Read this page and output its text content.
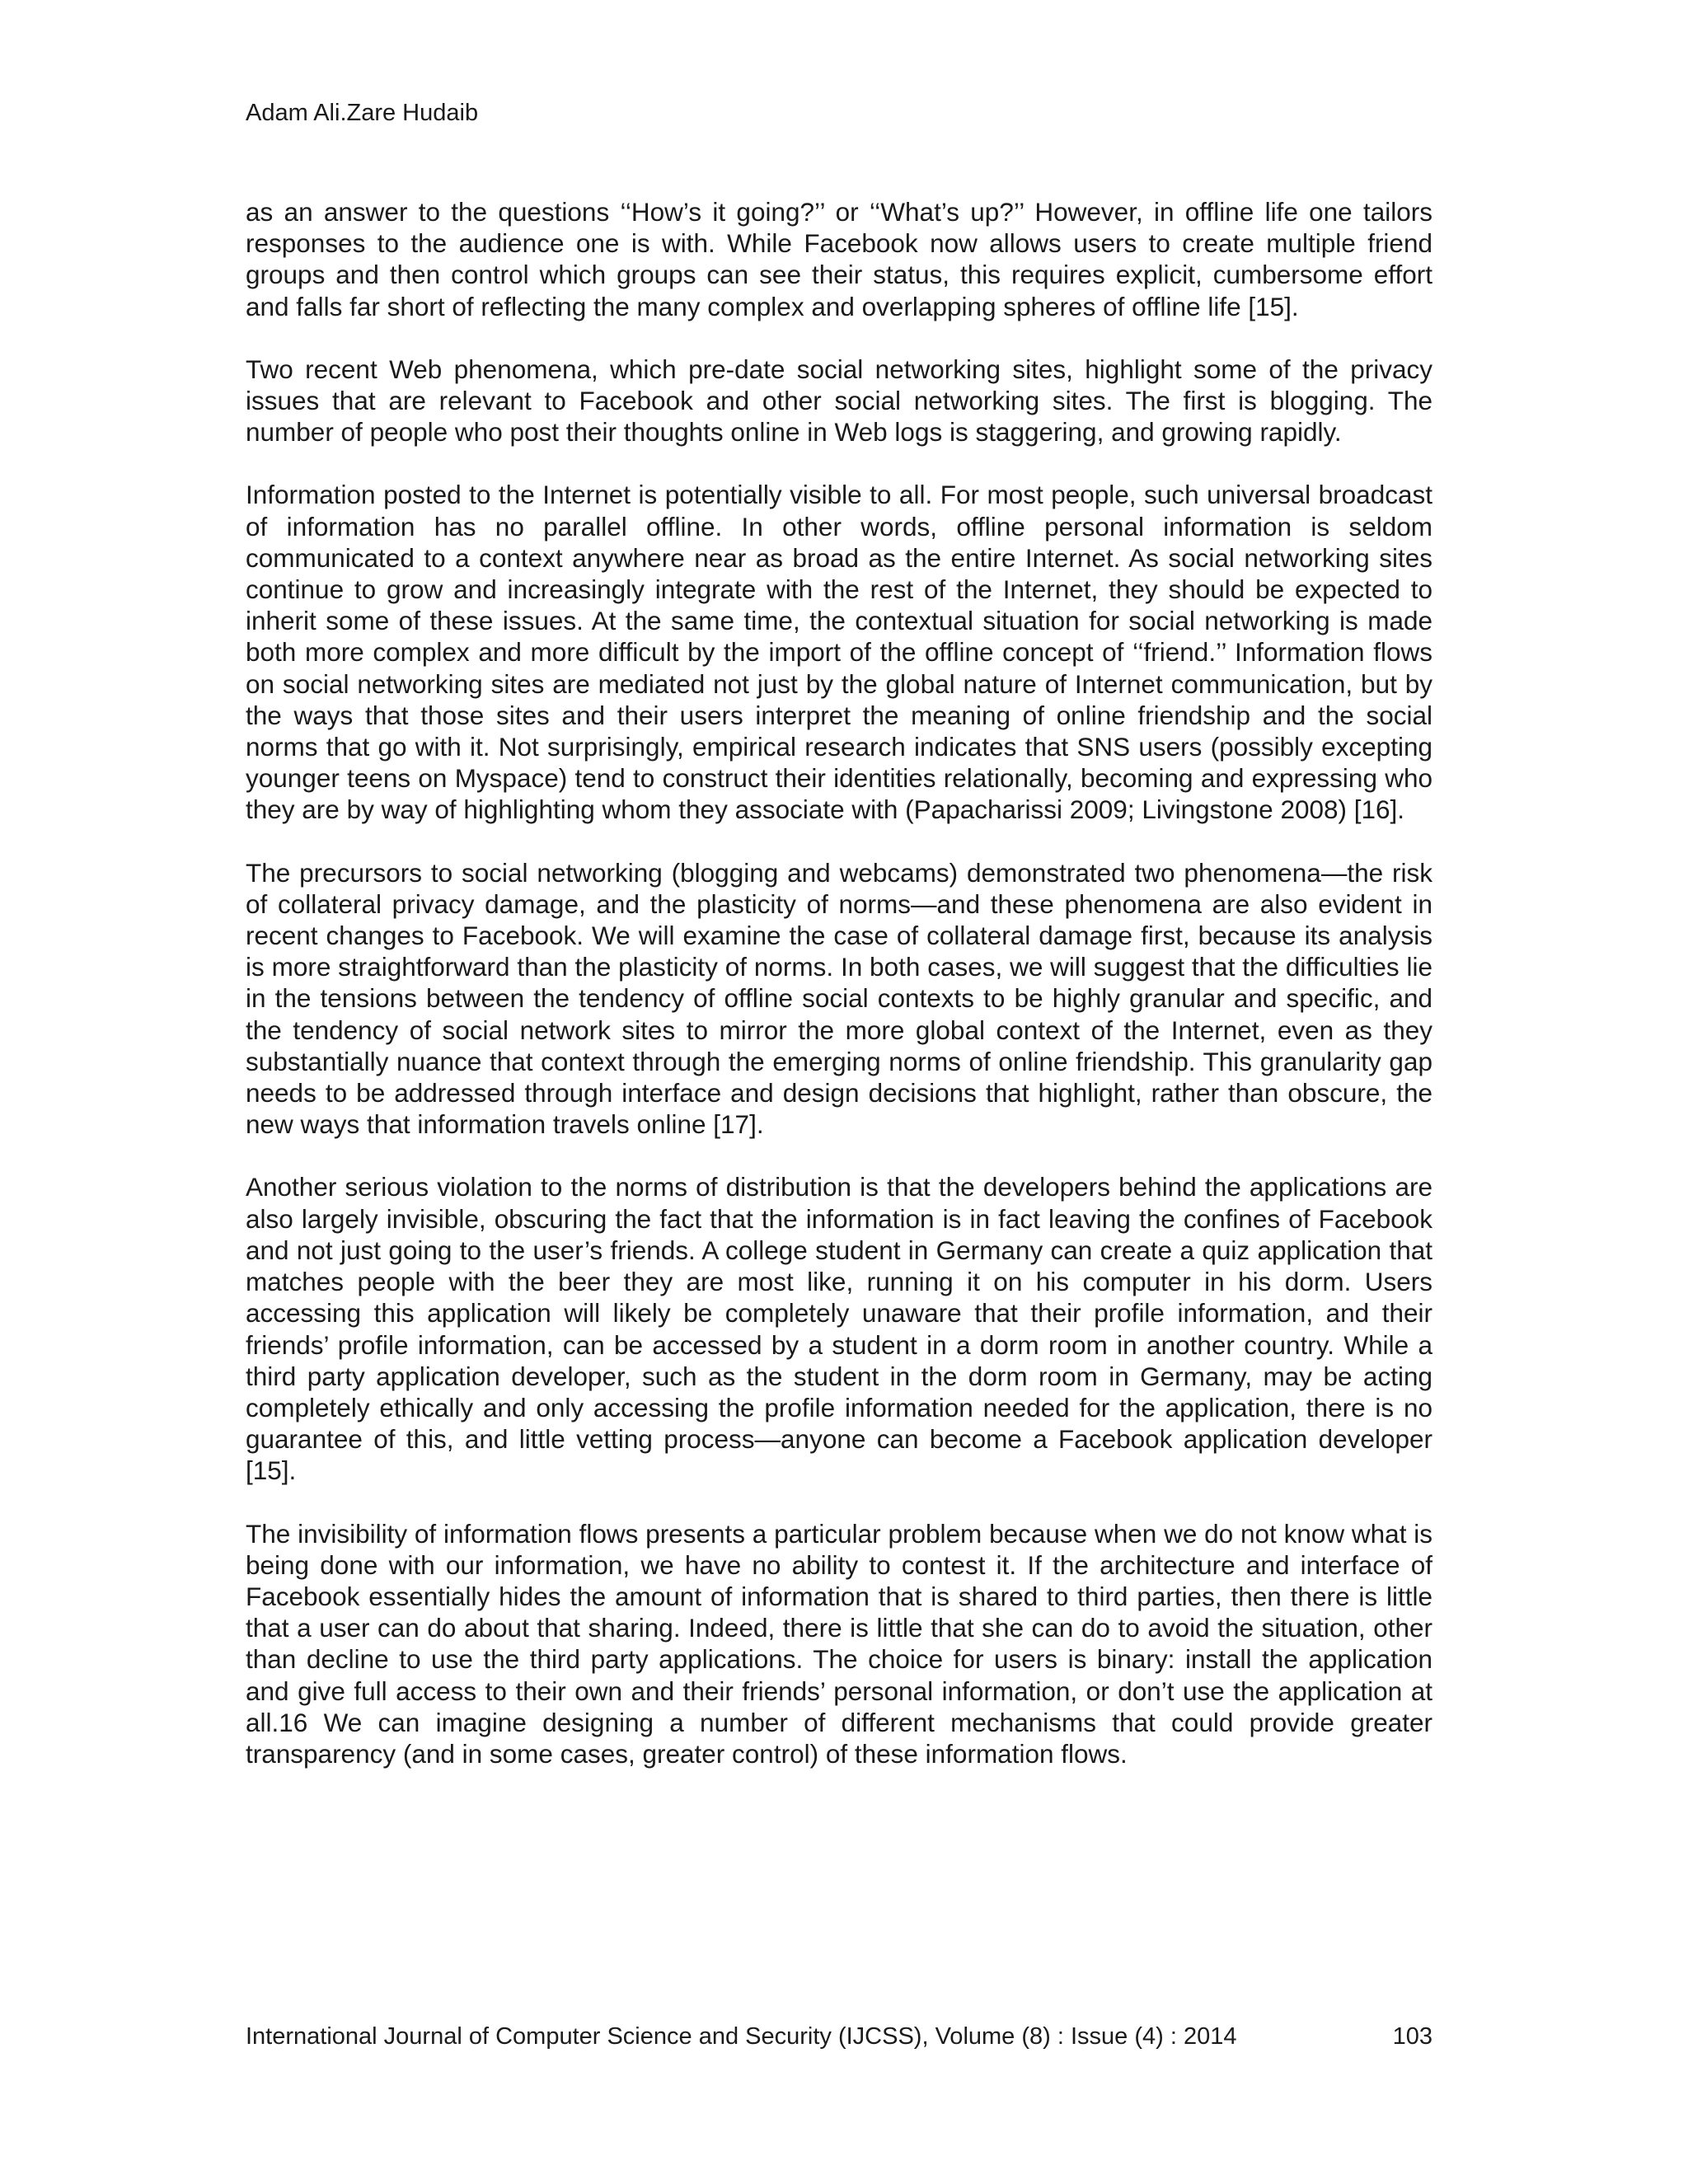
Adam Ali.Zare Hudaib

as an answer to the questions ‘‘How’s it going?’’ or ‘‘What’s up?’’ However, in offline life one tailors responses to the audience one is with. While Facebook now allows users to create multiple friend groups and then control which groups can see their status, this requires explicit, cumbersome effort and falls far short of reflecting the many complex and overlapping spheres of offline life [15].

Two recent Web phenomena, which pre-date social networking sites, highlight some of the privacy issues that are relevant to Facebook and other social networking sites. The first is blogging. The number of people who post their thoughts online in Web logs is staggering, and growing rapidly.

Information posted to the Internet is potentially visible to all. For most people, such universal broadcast of information has no parallel offline. In other words, offline personal information is seldom communicated to a context anywhere near as broad as the entire Internet. As social networking sites continue to grow and increasingly integrate with the rest of the Internet, they should be expected to inherit some of these issues. At the same time, the contextual situation for social networking is made both more complex and more difficult by the import of the offline concept of ‘‘friend.’’ Information flows on social networking sites are mediated not just by the global nature of Internet communication, but by the ways that those sites and their users interpret the meaning of online friendship and the social norms that go with it. Not surprisingly, empirical research indicates that SNS users (possibly excepting younger teens on Myspace) tend to construct their identities relationally, becoming and expressing who they are by way of highlighting whom they associate with (Papacharissi 2009; Livingstone 2008) [16].

The precursors to social networking (blogging and webcams) demonstrated two phenomena—the risk of collateral privacy damage, and the plasticity of norms—and these phenomena are also evident in recent changes to Facebook. We will examine the case of collateral damage first, because its analysis is more straightforward than the plasticity of norms. In both cases, we will suggest that the difficulties lie in the tensions between the tendency of offline social contexts to be highly granular and specific, and the tendency of social network sites to mirror the more global context of the Internet, even as they substantially nuance that context through the emerging norms of online friendship. This granularity gap needs to be addressed through interface and design decisions that highlight, rather than obscure, the new ways that information travels online [17].

Another serious violation to the norms of distribution is that the developers behind the applications are also largely invisible, obscuring the fact that the information is in fact leaving the confines of Facebook and not just going to the user’s friends. A college student in Germany can create a quiz application that matches people with the beer they are most like, running it on his computer in his dorm. Users accessing this application will likely be completely unaware that their profile information, and their friends’ profile information, can be accessed by a student in a dorm room in another country. While a third party application developer, such as the student in the dorm room in Germany, may be acting completely ethically and only accessing the profile information needed for the application, there is no guarantee of this, and little vetting process—anyone can become a Facebook application developer [15].

The invisibility of information flows presents a particular problem because when we do not know what is being done with our information, we have no ability to contest it. If the architecture and interface of Facebook essentially hides the amount of information that is shared to third parties, then there is little that a user can do about that sharing. Indeed, there is little that she can do to avoid the situation, other than decline to use the third party applications. The choice for users is binary: install the application and give full access to their own and their friends’ personal information, or don’t use the application at all.16 We can imagine designing a number of different mechanisms that could provide greater transparency (and in some cases, greater control) of these information flows.

International Journal of Computer Science and Security (IJCSS), Volume (8) : Issue (4) : 2014	103
